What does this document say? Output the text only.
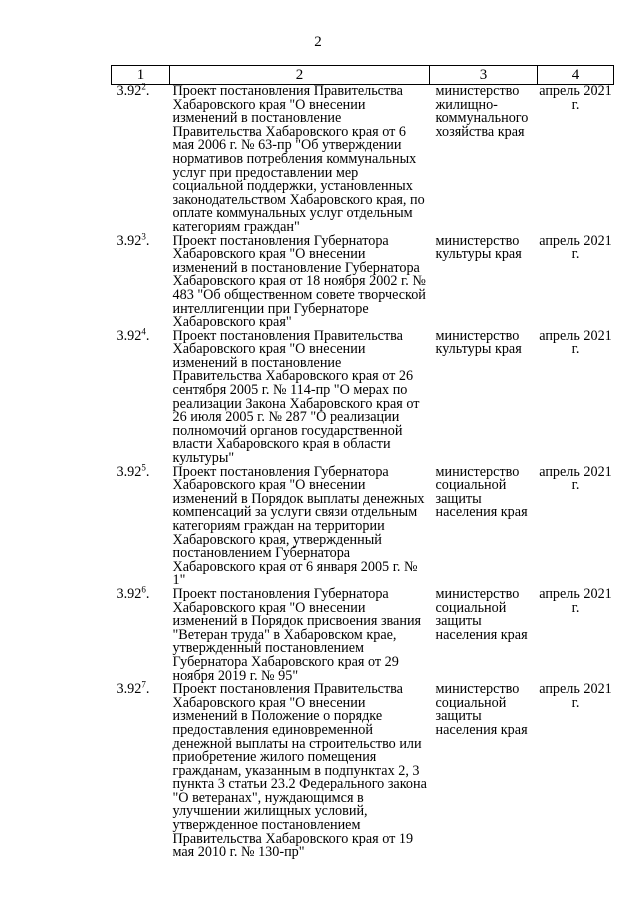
2
1	2	3	4
3.92$^2$.	Проект постановления Правительства Хабаровского края "О внесении изменений в постановление Правительства Хабаровского края от 6 мая 2006 г. № 63-пр "Об утверждении нормативов потребления коммунальных услуг при предоставлении мер социальной поддержки, установленных законодательством Хабаровского края, по оплате коммунальных услуг отдельным категориям граждан"	министерство жилищно-коммунального хозяйства края	апрель 2021 г.
3.92$^3$.	Проект постановления Губернатора Хабаровского края "О внесении изменений в постановление Губернатора Хабаровского края от 18 ноября 2002 г. № 483 "Об общественном совете творческой интеллигенции при Губернаторе Хабаровского края"	министерство культуры края	апрель 2021 г.
3.92$^4$.	Проект постановления Правительства Хабаровского края "О внесении изменений в постановление Правительства Хабаровского края от 26 сентября 2005 г. № 114-пр "О мерах по реализации Закона Хабаровского края от 26 июля 2005 г. № 287 "О реализации полномочий органов государственной власти Хабаровского края в области культуры"	министерство культуры края	апрель 2021 г.
3.92$^5$.	Проект постановления Губернатора Хабаровского края "О внесении изменений в Порядок выплаты денежных компенсаций за услуги связи отдельным категориям граждан на территории Хабаровского края, утвержденный постановлением Губернатора Хабаровского края от 6 января 2005 г. № 1"	министерство социальной защиты населения края	апрель 2021 г.
3.92$^6$.	Проект постановления Губернатора Хабаровского края "О внесении изменений в Порядок присвоения звания "Ветеран труда" в Хабаровском крае, утвержденный постановлением Губернатора Хабаровского края от 29 ноября 2019 г. № 95"	министерство социальной защиты населения края	апрель 2021 г.
3.92$^7$.	Проект постановления Правительства Хабаровского края "О внесении изменений в Положение о порядке предоставления единовременной денежной выплаты на строительство или приобретение жилого помещения гражданам, указанным в подпунктах 2, 3 пункта 3 статьи 23.2 Федерального закона "О ветеранах", нуждающимся в улучшении жилищных условий, утвержденное постановлением Правительства Хабаровского края от 19 мая 2010 г. № 130-пр"	министерство социальной защиты населения края	апрель 2021 г.
